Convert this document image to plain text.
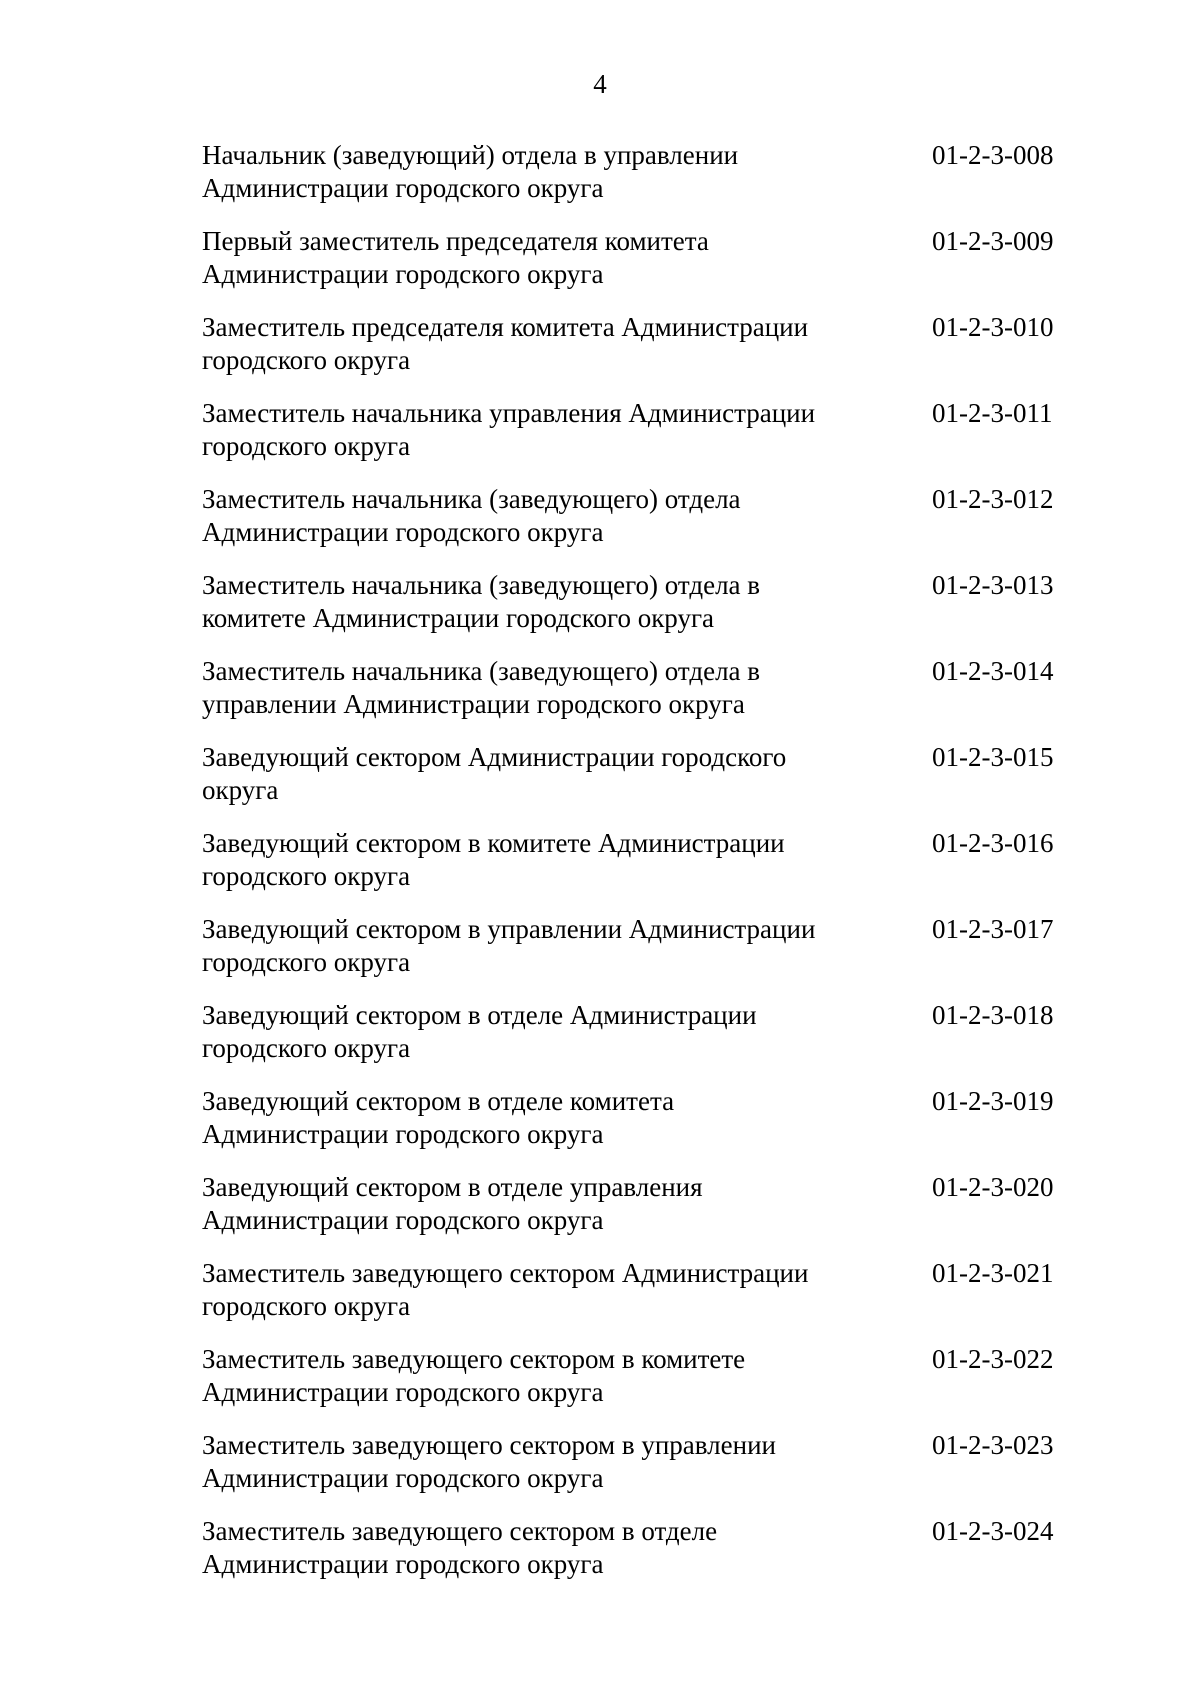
4
Начальник (заведующий) отдела в управлении
Администрации городского округа
01-2-3-008
Первый заместитель председателя комитета
Администрации городского округа
01-2-3-009
Заместитель председателя комитета Администрации
городского округа
01-2-3-010
Заместитель начальника управления Администрации
городского округа
01-2-3-011
Заместитель начальника (заведующего) отдела
Администрации городского округа
01-2-3-012
Заместитель начальника (заведующего) отдела в
комитете Администрации городского округа
01-2-3-013
Заместитель начальника (заведующего) отдела в
управлении Администрации городского округа
01-2-3-014
Заведующий сектором Администрации городского
округа
01-2-3-015
Заведующий сектором в комитете Администрации
городского округа
01-2-3-016
Заведующий сектором в управлении Администрации
городского округа
01-2-3-017
Заведующий сектором в отделе Администрации
городского округа
01-2-3-018
Заведующий сектором в отделе комитета
Администрации городского округа
01-2-3-019
Заведующий сектором в отделе управления
Администрации городского округа
01-2-3-020
Заместитель заведующего сектором Администрации
городского округа
01-2-3-021
Заместитель заведующего сектором в комитете
Администрации городского округа
01-2-3-022
Заместитель заведующего сектором в управлении
Администрации городского округа
01-2-3-023
Заместитель заведующего сектором в отделе
Администрации городского округа
01-2-3-024
